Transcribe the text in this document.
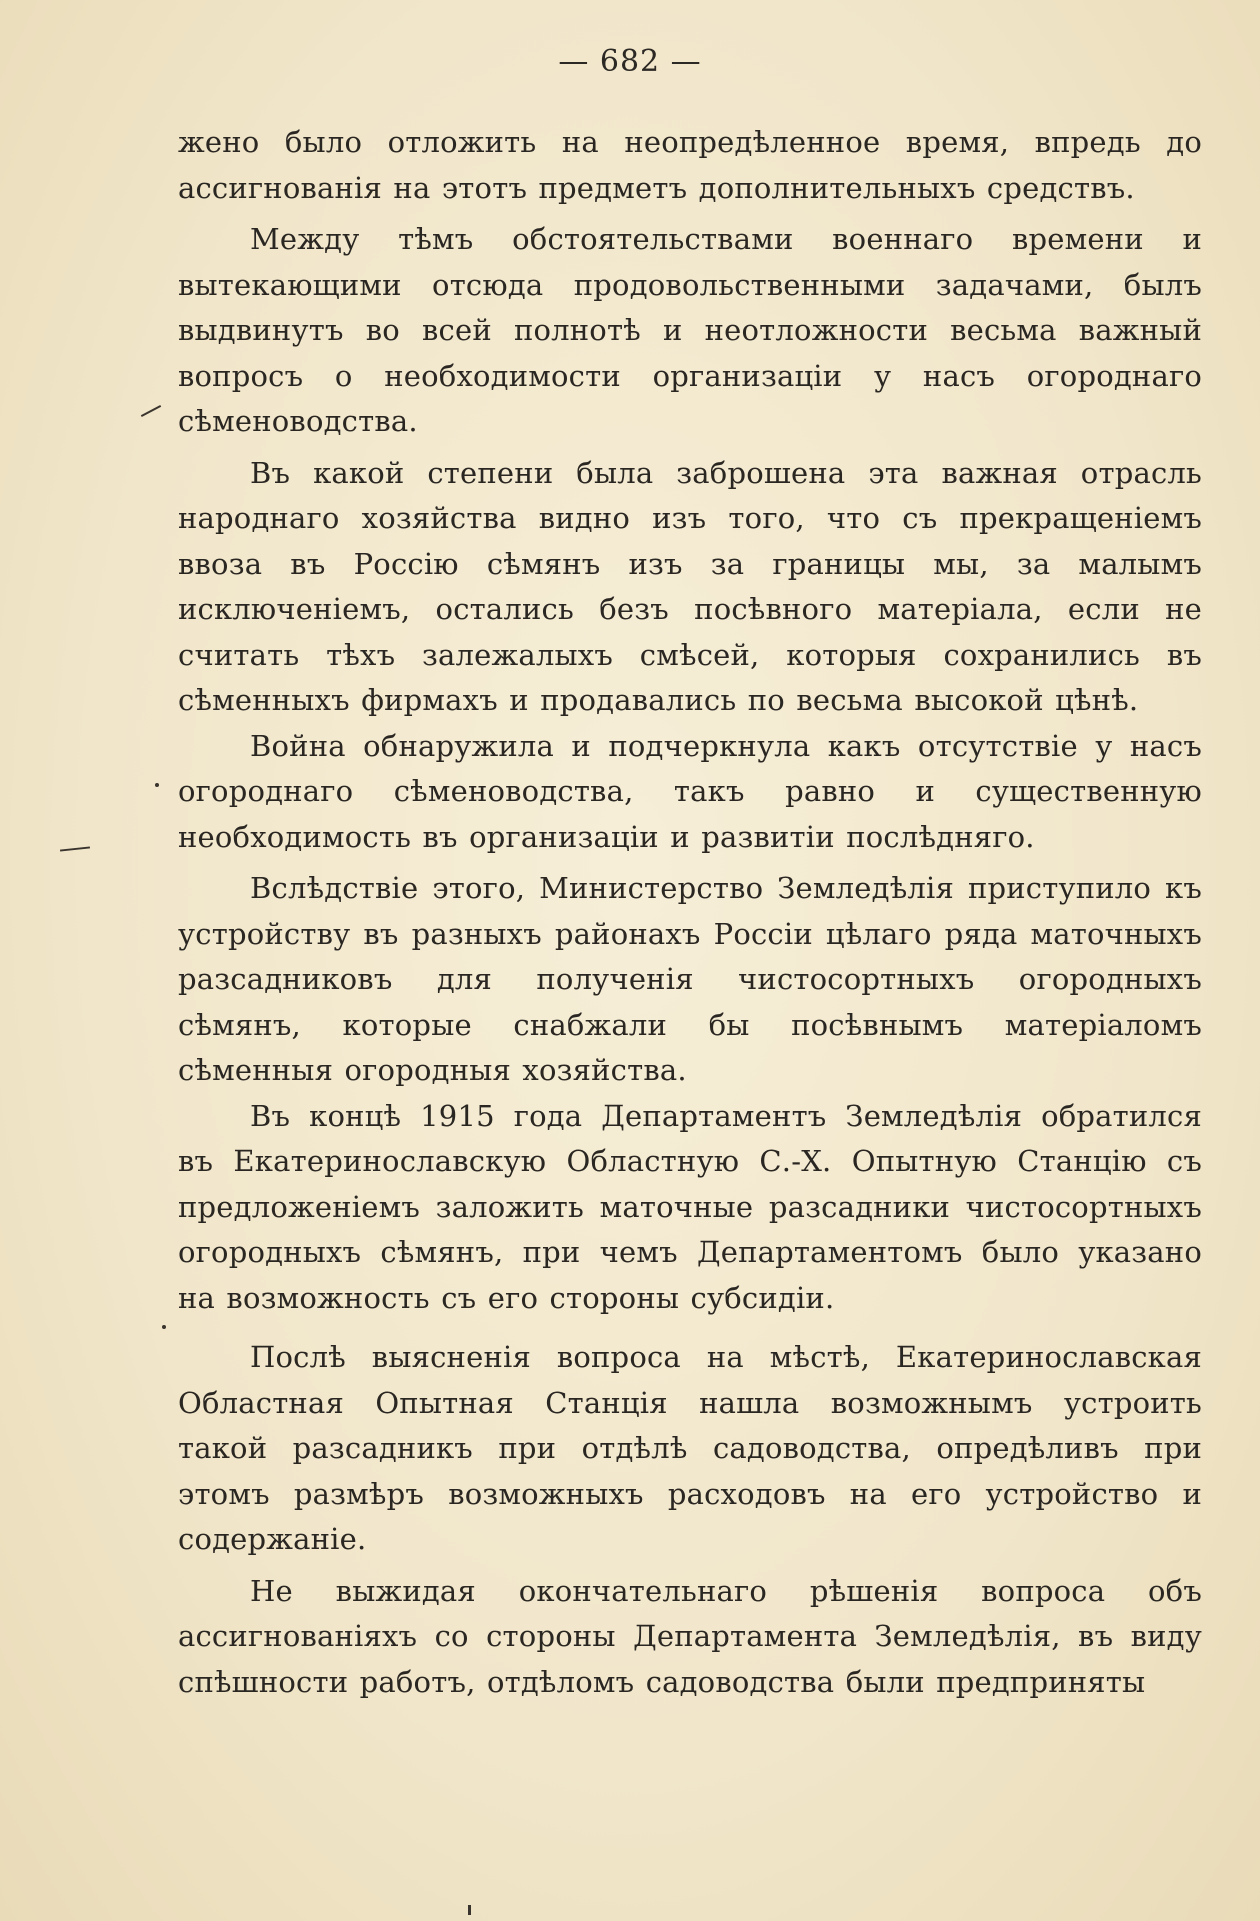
— 682 —

жено было отложить на неопредѣленное время, впредь до ассигнованія на этотъ предметъ дополнительныхъ средствъ.

Между тѣмъ обстоятельствами военнаго времени и вытекающими отсюда продовольственными задачами, былъ выдвинутъ во всей полнотѣ и неотложности весьма важный вопросъ о необходимости организаціи у насъ огороднаго сѣменоводства.

Въ какой степени была заброшена эта важная отрасль народнаго хозяйства видно изъ того, что съ прекращеніемъ ввоза въ Россію сѣмянъ изъ за границы мы, за малымъ исключеніемъ, остались безъ посѣвного матеріала, если не считать тѣхъ залежалыхъ смѣсей, которыя сохранились въ сѣменныхъ фирмахъ и продавались по весьма высокой цѣнѣ.

Война обнаружила и подчеркнула какъ отсутствіе у насъ огороднаго сѣменоводства, такъ равно и существенную необходимость въ организаціи и развитіи послѣдняго.

Вслѣдствіе этого, Министерство Земледѣлія приступило къ устройству въ разныхъ районахъ Россіи цѣлаго ряда маточныхъ разсадниковъ для полученія чистосортныхъ огородныхъ сѣмянъ, которые снабжали бы посѣвнымъ матеріаломъ сѣменныя огородныя хозяйства.

Въ концѣ 1915 года Департаментъ Земледѣлія обратился въ Екатеринославскую Областную С.-Х. Опытную Станцію съ предложеніемъ заложить маточные разсадники чистосортныхъ огородныхъ сѣмянъ, при чемъ Департаментомъ было указано на возможность съ его стороны субсидіи.

Послѣ выясненія вопроса на мѣстѣ, Екатеринославская Областная Опытная Станція нашла возможнымъ устроить такой разсадникъ при отдѣлѣ садоводства, опредѣливъ при этомъ размѣръ возможныхъ расходовъ на его устройство и содержаніе.

Не выжидая окончательнаго рѣшенія вопроса объ ассигнованіяхъ со стороны Департамента Земледѣлія, въ виду спѣшности работъ, отдѣломъ садоводства были предприняты
